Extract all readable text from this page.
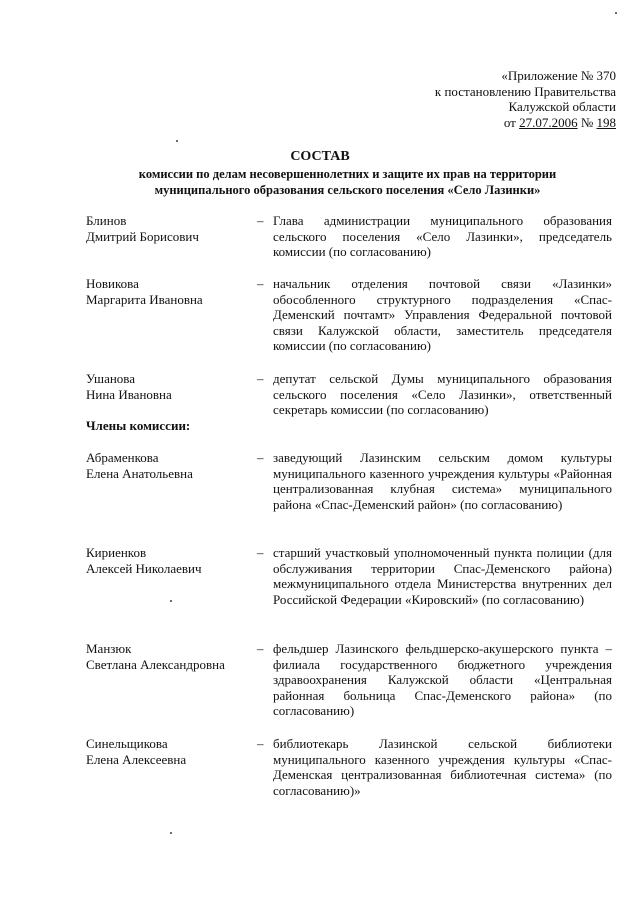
«Приложение № 370
к постановлению Правительства
Калужской области
от 27.07.2006 № 198
СОСТАВ
комиссии по делам несовершеннолетних и защите их прав на территории
муниципального образования сельского поселения «Село Лазинки»
Блинов
Дмитрий Борисович
– Глава администрации муниципального образования сельского поселения «Село Лазинки», председатель комиссии (по согласованию)
Новикова
Маргарита Ивановна
– начальник отделения почтовой связи «Лазинки» обособленного структурного подразделения «Спас-Деменский почтамт» Управления Федеральной почтовой связи Калужской области, заместитель председателя комиссии (по согласованию)
Ушанова
Нина Ивановна
– депутат сельской Думы муниципального образования сельского поселения «Село Лазинки», ответственный секретарь комиссии (по согласованию)
Члены комиссии:
Абраменкова
Елена Анатольевна
– заведующий Лазинским сельским домом культуры муниципального казенного учреждения культуры «Районная централизованная клубная система» муниципального района «Спас-Деменский район» (по согласованию)
Кириенков
Алексей Николаевич
– старший участковый уполномоченный пункта полиции (для обслуживания территории Спас-Деменского района) межмуниципального отдела Министерства внутренних дел Российской Федерации «Кировский» (по согласованию)
Манзюк
Светлана Александровна
– фельдшер Лазинского фельдшерско-акушерского пункта – филиала государственного бюджетного учреждения здравоохранения Калужской области «Центральная районная больница Спас-Деменского района» (по согласованию)
Синельщикова
Елена Алексеевна
– библиотекарь Лазинской сельской библиотеки муниципального казенного учреждения культуры «Спас-Деменская централизованная библиотечная система» (по согласованию)»
